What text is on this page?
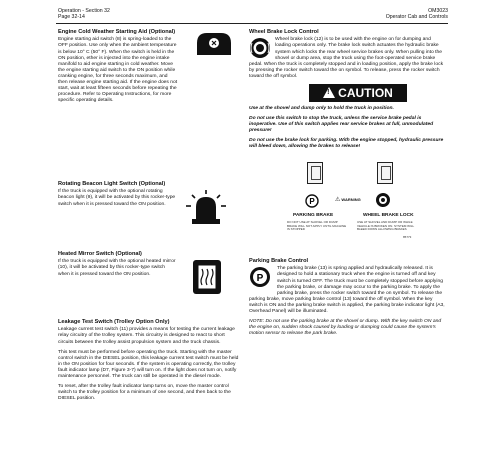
Operation - Section 32
Page 32-14
OM3023
Operator Cab and Controls
Engine Cold Weather Starting Aid (Optional)

Engine starting aid switch (8) is spring-loaded to the OFF position. Use only when the ambient temperature is below 10° C (50° F). When the switch is held in the ON position, ether is injected into the engine intake manifold to aid engine starting in cold weather. Move the engine starting aid switch to the ON position while cranking engine, for three seconds maximum, and then release engine starting aid. If the engine does not start, wait at least fifteen seconds before repeating the procedure. Refer to Operating Instructions, for more specific operating details.

Rotating Beacon Light Switch (Optional)

If the truck is equipped with the optional rotating beacon light (9), it will be activated by this rocker-type switch when it is pressed toward the ON position.

Heated Mirror Switch (Optional)

If the truck is equipped with the optional heated mirror (10), it will be activated by this rocker-type switch when it is pressed toward the ON position.

Leakage Test Switch (Trolley Option Only)

Leakage current test switch (11) provides a means for testing the current leakage relay circuitry of the trolley system. This circuitry is designed to react to short circuits between the trolley assist propulsion system and the truck chassis.

This test must be performed before operating the truck. Starting with the master control switch in the DIESEL position, this leakage current test switch must be held in the ON position for four seconds. If the system is operating correctly, the trolley fault indicator lamp (D7, Figure 3-7) will turn on. If the light does not turn on, notify maintenance personnel. The truck can still be operated in the diesel mode.

To reset, after the trolley fault indicator lamp turns on, move the master control switch to the trolley position for a minimum of one second, and then back to the DIESEL position.

Wheel Brake Lock Control

Wheel brake lock (12) is to be used with the engine on for dumping and loading operations only. The brake lock switch actuates the hydraulic brake system which locks the rear wheel service brakes only. When pulling into the shovel or dump area, stop the truck using the foot-operated service brake pedal. When the truck is completely stopped and in loading position, apply the brake lock by pressing the rocker switch toward the on symbol. To release, press the rocker switch toward the off symbol.

! CAUTION

Use at the shovel and dump only to hold the truck in position.

Do not use this switch to stop the truck, unless the service brake pedal is inoperative. Use of this switch applies rear service brakes at full, unmodulated pressure!

Do not use the brake lock for parking. With the engine stopped, hydraulic pressure will bleed down, allowing the brakes to release!

P	⚠ WARNING
PARKING BRAKE	WHEEL BRAKE LOCK
DO NOT USE AT SHOVEL OR DUMP BRAKE WILL NOT APPLY UNTIL MACHINE IS STOPPED
USE AT SHOVEL AND DUMP OR WHILE VEHICLE IS BROKEN ON. SYSTEM WILL BLEED DOWN ALLOWING BRAKES
85773
Parking Brake Control
P

The parking brake (13) is spring applied and hydraulically released. It is designed to hold a stationary truck when the engine is turned off and key switch is turned OFF. The truck must be completely stopped before applying the parking brake, or damage may occur to the parking brake. To apply the parking brake, press the rocker switch toward the on symbol. To release the parking brake, move parking brake control (13) toward the off symbol. When the key switch is ON and the parking brake switch is applied, the parking brake indicator light (A3, Overhead Panel) will be illuminated.

NOTE: Do not use the parking brake at the shovel or dump. With the key switch ON and the engine on, sudden shock caused by loading or dumping could cause the system's motion sensor to release the park brake.
